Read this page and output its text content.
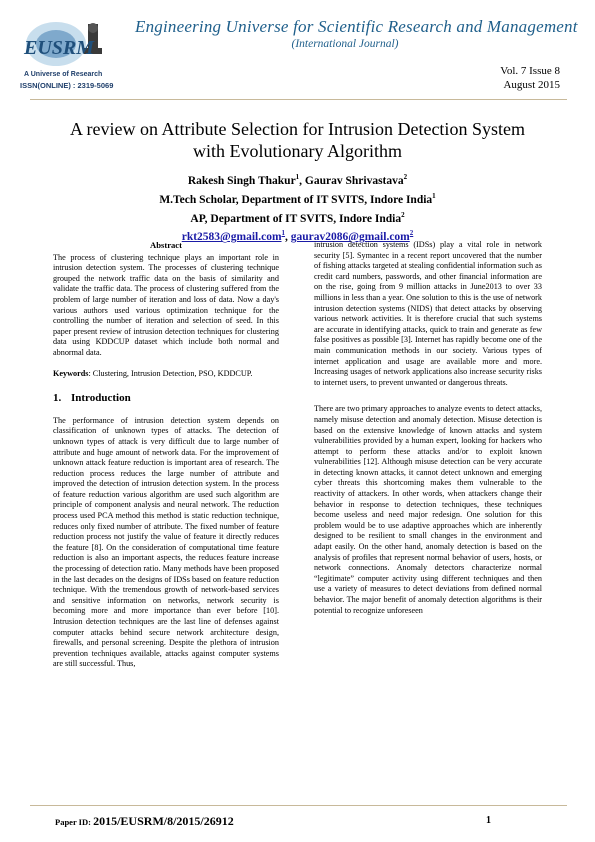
EUSRM
A Universe of Research
ISSN(ONLINE) : 2319-5069
Engineering Universe for Scientific Research and Management
(International Journal)
Vol. 7 Issue 8
August 2015
A review on Attribute Selection for Intrusion Detection System
with Evolutionary Algorithm
Rakesh Singh Thakur$^1$, Gaurav Shrivastava$^2$
M.Tech Scholar, Department of IT SVITS, Indore India$^1$
AP, Department of IT SVITS, Indore India$^2$
rkt2583@gmail.com$^1$, gaurav2086@gmail.com$^2$
Abstract

The process of clustering technique plays an important role in intrusion detection system. The processes of clustering technique grouped the network traffic data on the basis of similarity and validate the traffic data. The process of clustering suffered from the problem of large number of iteration and loss of data. Now a day's various authors used various optimization technique for the controlling the number of iteration and selection of seed. In this paper present review of intrusion detection techniques for clustering data using KDDCUP dataset which include both normal and abnormal data.

Keywords: Clustering, Intrusion Detection, PSO, KDDCUP.

1. Introduction

The performance of intrusion detection system depends on classification of unknown types of attacks. The detection of unknown types of attack is very difficult due to large number of attribute and huge amount of network data. For the improvement of unknown attack feature reduction is important area of research. The reduction process reduces the large number of attribute and improved the detection of intrusion detection system. In the process of feature reduction various algorithm are used such algorithm are principle of component analysis and neural network. The reduction process used PCA method this method is static reduction technique, reduces only fixed number of attribute. The fixed number of feature reduction process not justify the value of feature it directly reduces the feature [8]. On the consideration of computational time feature reduction is also an important aspects, the reduces feature increase the processing of detection ratio. Many methods have been proposed in the last decades on the designs of IDSs based on feature reduction technique. With the tremendous growth of network-based services and sensitive information on networks, network security is becoming more and more importance than ever before [10]. Intrusion detection techniques are the last line of defenses against computer attacks behind secure network architecture design, firewalls, and personal screening. Despite the plethora of intrusion prevention techniques available, attacks against computer systems are still successful. Thus,

intrusion detection systems (IDSs) play a vital role in network security [5]. Symantec in a recent report uncovered that the number of fishing attacks targeted at stealing confidential information such as credit card numbers, passwords, and other financial information are on the rise, going from 9 million attacks in June2013 to over 33 millions in less than a year. One solution to this is the use of network intrusion detection systems (NIDS) that detect attacks by observing various network activities. It is therefore crucial that such systems are accurate in identifying attacks, quick to train and generate as few false positives as possible [3]. Internet has rapidly become one of the main communication methods in our society. Various types of internet application and usage are available more and more. Increasing usages of network applications also increase security risks to internet users, to prevent unwanted or dangerous threats.

There are two primary approaches to analyze events to detect attacks, namely misuse detection and anomaly detection. Misuse detection is based on the extensive knowledge of known attacks and system vulnerabilities provided by a human expert, looking for hackers who attempt to perform these attacks and/or to exploit known vulnerabilities [12]. Although misuse detection can be very accurate in detecting known attacks, it cannot detect unknown and emerging cyber threats this shortcoming makes them vulnerable to the reactivity of attackers. In other words, when attackers change their behavior in response to detection techniques, these techniques become useless and need major redesign. One solution for this problem would be to use adaptive approaches which are inherently designed to be resilient to small changes in the environment and adapt easily. On the other hand, anomaly detection is based on the analysis of profiles that represent normal behavior of users, hosts, or network connections. Anomaly detectors characterize normal “legitimate” computer activity using different techniques and then use a variety of measures to detect deviations from defined normal behavior. The major benefit of anomaly detection algorithms is their potential to recognize unforeseen

Paper ID: 2015/EUSRM/8/2015/26912	1
